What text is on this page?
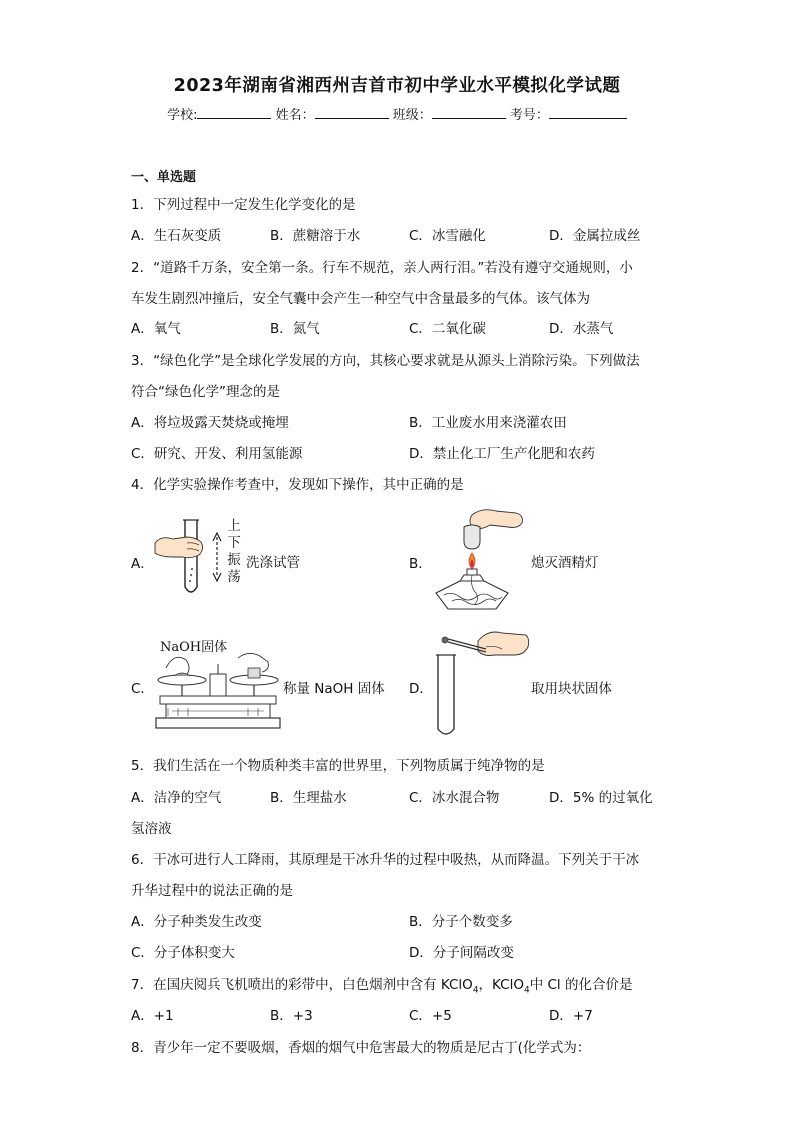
2023年湖南省湘西州吉首市初中学业水平模拟化学试题
学校:	姓名：	班级：	考号：
一、单选题
1．下列过程中一定发生化学变化的是
A．生石灰变质	B．蔗糖溶于水	C．冰雪融化	D．金属拉成丝
2．“道路千万条，安全第一条。行车不规范，亲人两行泪。”若没有遵守交通规则，小
车发生剧烈冲撞后，安全气囊中会产生一种空气中含量最多的气体。该气体为
A．氧气	B．氮气	C．二氧化碳	D．水蒸气
3．“绿色化学”是全球化学发展的方向，其核心要求就是从源头上消除污染。下列做法
符合“绿色化学”理念的是
A．将垃圾露天焚烧或掩埋	B．工业废水用来浇灌农田
C．研究、开发、利用氢能源	D．禁止化工厂生产化肥和农药
4．化学实验操作考查中，发现如下操作，其中正确的是
A．
上
下
振
荡
洗涤试管	B．	熄灭酒精灯
NaOH固体
C．	称量 NaOH 固体 D．	取用块状固体
5．我们生活在一个物质种类丰富的世界里，下列物质属于纯净物的是
A．洁净的空气	B．生理盐水	C．冰水混合物	D．5% 的过氧化
氢溶液
6．干冰可进行人工降雨，其原理是干冰升华的过程中吸热，从而降温。下列关于干冰
升华过程中的说法正确的是
A．分子种类发生改变	B．分子个数变多
C．分子体积变大	D．分子间隔改变
7．在国庆阅兵飞机喷出的彩带中，白色烟剂中含有 KClO$_4$，KClO$_4$中 Cl 的化合价是
A．+1	B．+3	C．+5	D．+7
8．青少年一定不要吸烟，香烟的烟气中危害最大的物质是尼古丁(化学式为：
